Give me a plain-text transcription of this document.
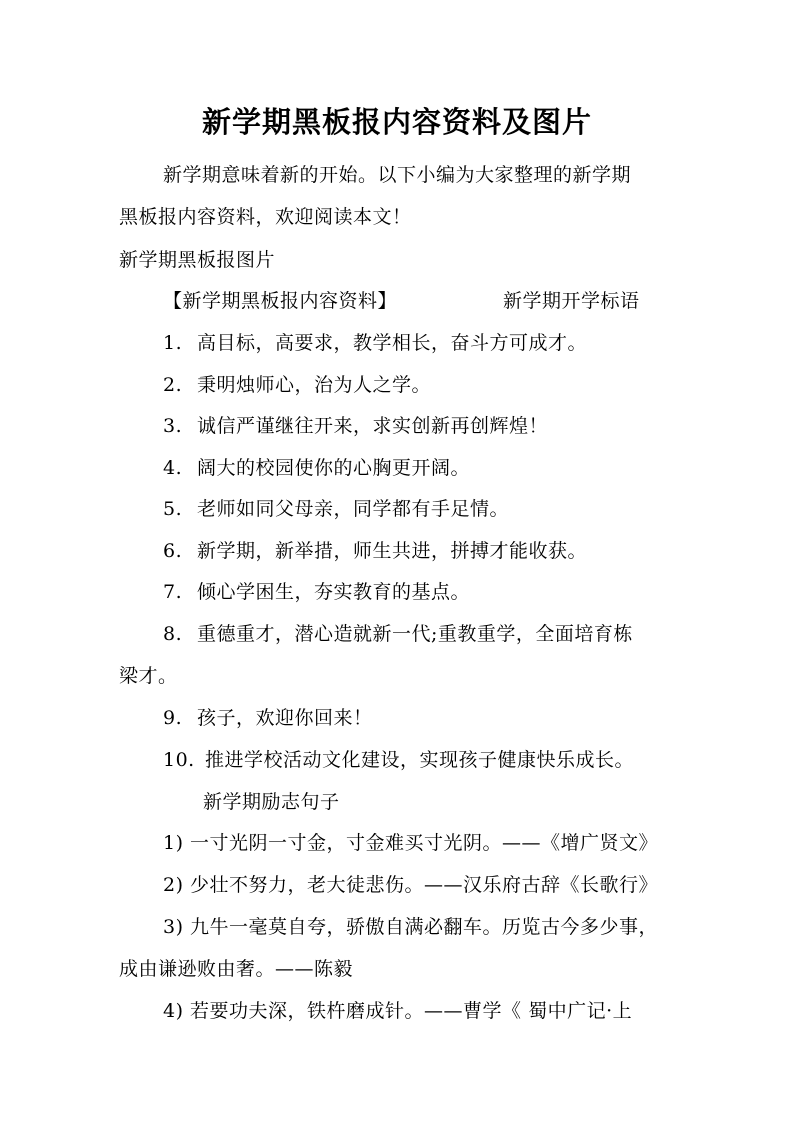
新学期黑板报内容资料及图片
新学期意味着新的开始。以下小编为大家整理的新学期
黑板报内容资料，欢迎阅读本文！
新学期黑板报图片
【新学期黑板报内容资料】	新学期开学标语
1. 高目标，高要求，教学相长，奋斗方可成才。
2. 秉明烛师心，治为人之学。
3. 诚信严谨继往开来，求实创新再创辉煌！
4. 阔大的校园使你的心胸更开阔。
5. 老师如同父母亲，同学都有手足情。
6. 新学期，新举措，师生共进，拼搏才能收获。
7. 倾心学困生，夯实教育的基点。
8. 重德重才，潜心造就新一代;重教重学，全面培育栋
梁才。
9. 孩子，欢迎你回来！
10. 推进学校活动文化建设，实现孩子健康快乐成长。
新学期励志句子
1) 一寸光阴一寸金，寸金难买寸光阴。——《增广贤文》
2) 少壮不努力，老大徒悲伤。——汉乐府古辞《长歌行》
3) 九牛一毫莫自夸，骄傲自满必翻车。历览古今多少事，
成由谦逊败由奢。——陈毅
4) 若要功夫深，铁杵磨成针。——曹学《 蜀中广记·上
